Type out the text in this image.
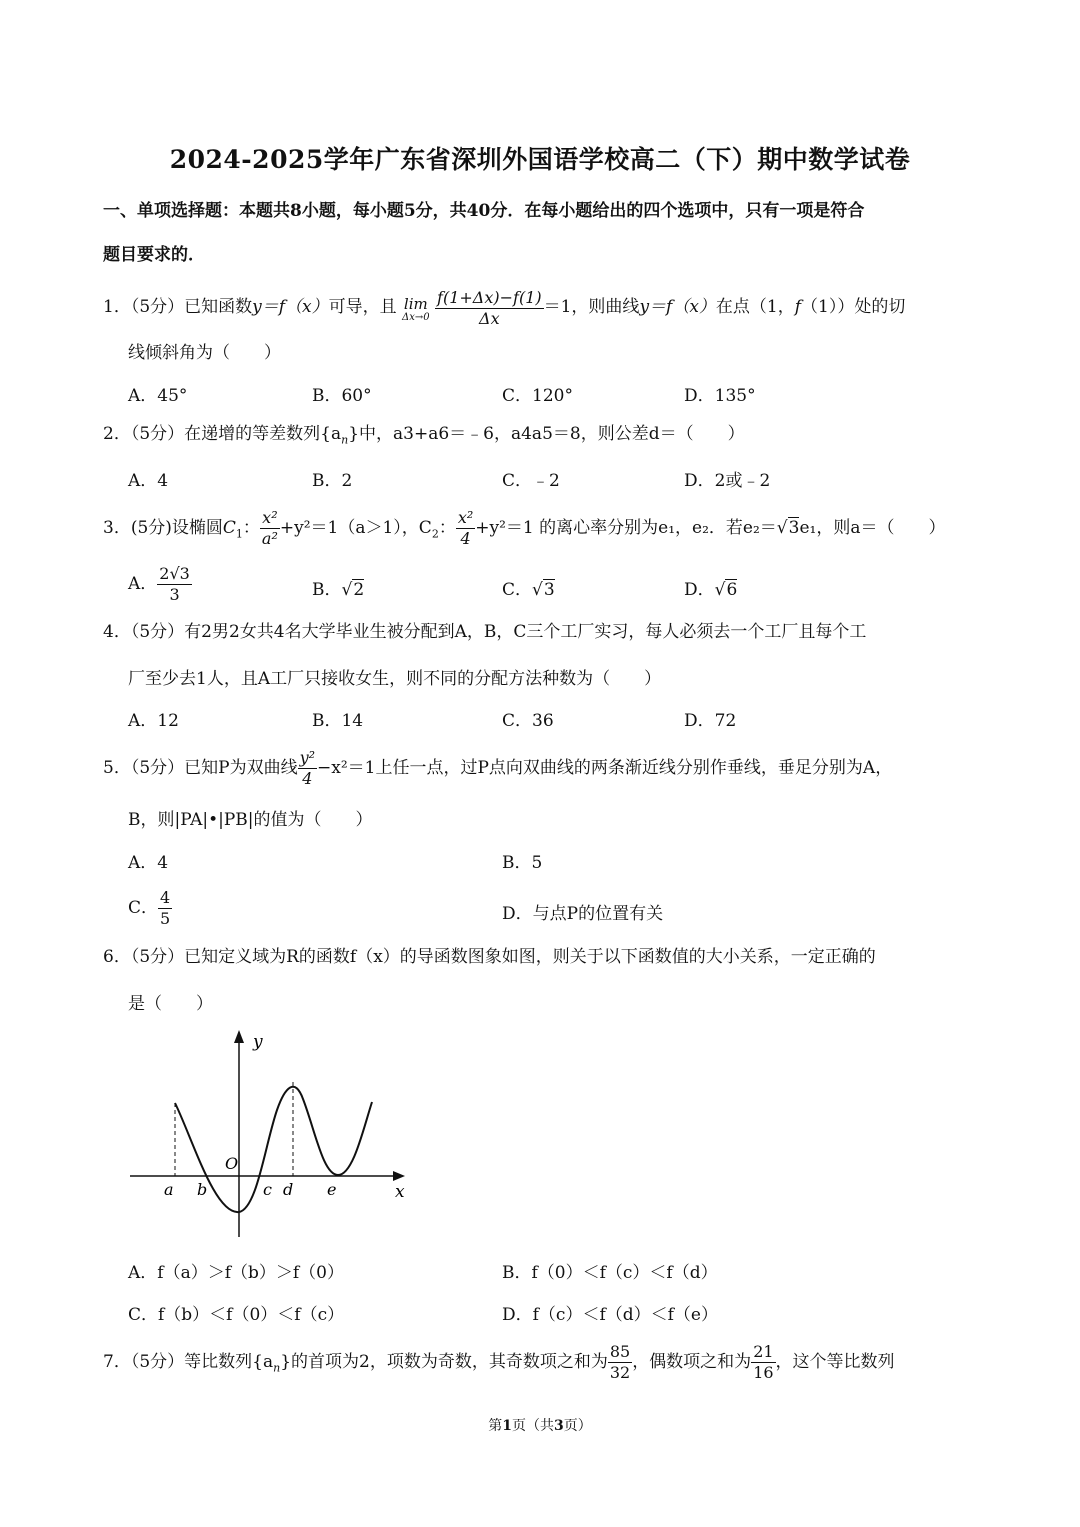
2024-2025学年广东省深圳外国语学校高二（下）期中数学试卷
一、单项选择题：本题共8小题，每小题5分，共40分．在每小题给出的四个选项中，只有一项是符合
题目要求的．
1．（5分）已知函数y＝f（x）可导，且 lim
Δx→0
$\frac{f(1+\Delta x)-f(1)}{\Delta x} =1$，则曲线y＝f（x）在点（1，f（1））处的切
线倾斜角为（　　）
A．45°	B．60°	C．120°	D．135°
2．（5分）在递增的等差数列$\{a_n\}$中，a3+a6＝﹣6，a4a5＝8，则公差d＝（　　）
A．4	B．2	C．﹣2	D．2或﹣2
3．(5分)设椭圆$C_1$： $\frac{\text{x²}}{\text{a²}} +y^2=1(a>1)$，$C_2$： $\frac{\text{x²}}{4} +y^2=1$ 的离心率分别为e₁，e₂．若e₂＝√3e₁，则a＝（　　）
A． $\frac{2√3}{3}$	B．√2	C．√3	D．√6
4．（5分）有2男2女共4名大学毕业生被分配到A，B，C三个工厂实习，每人必须去一个工厂且每个工
厂至少去1人，且A工厂只接收女生，则不同的分配方法种数为（　　）
A．12	B．14	C．36	D．72
5．（5分）已知P为双曲线 $\frac{\text{y²}}{4} -x^2=1$上任一点，过P点向双曲线的两条渐近线分别作垂线，垂足分别为A，
B，则|PA|•|PB|的值为（　　）
A．4	B．5
C． $\frac{4}{5}$	D．与点P的位置有关
6．（5分）已知定义域为R的函数f（x）的导函数图象如图，则关于以下函数值的大小关系，一定正确的
是（　　）
y
O
a b	c d e	x
A．f（a）＞f（b）＞f（0）	B．f（0）＜f（c）＜f（d）
C．f（b）＜f（0）＜f（c）	D．f（c）＜f（d）＜f（e）
7．（5分）等比数列$\{a_n\}$的首项为2，项数为奇数，其奇数项之和为 $\frac{85}{32}$ ，偶数项之和为 $\frac{21}{16}$ ，这个等比数列
第1页（共3页）
